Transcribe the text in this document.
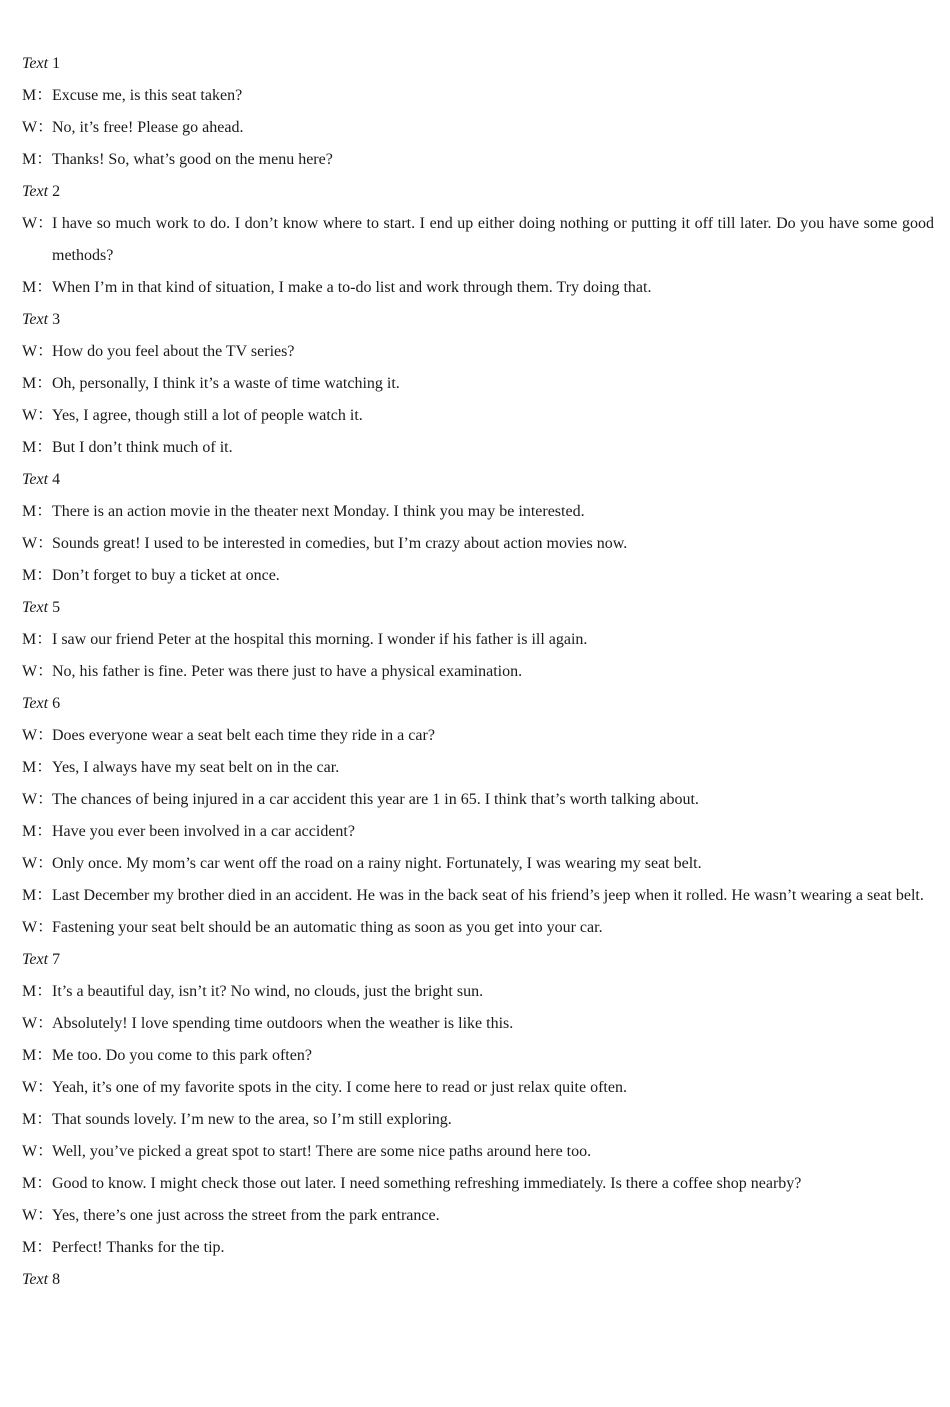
Text 1
M： Excuse me, is this seat taken?
W：
No, it’s free! Please go ahead.
M： Thanks! So, what’s good on the menu here?
Text 2
W：
I have so much work to do. I don’t know where to start. I end up either doing nothing or putting it off till later. Do you have some good methods?
M： When I’m in that kind of situation, I make a to-do list and work through them. Try doing that.
Text 3
W：
How do you feel about the TV series?
M： Oh, personally, I think it’s a waste of time watching it.
W：
Yes, I agree, though still a lot of people watch it.
M： But I don’t think much of it.
Text 4
M： There is an action movie in the theater next Monday. I think you may be interested.
W：
Sounds great! I used to be interested in comedies, but I’m crazy about action movies now.
M： Don’t forget to buy a ticket at once.
Text 5
M： I saw our friend Peter at the hospital this morning. I wonder if his father is ill again.
W：
No, his father is fine. Peter was there just to have a physical examination.
Text 6
W：
Does everyone wear a seat belt each time they ride in a car?
M： Yes, I always have my seat belt on in the car.
W：
The chances of being injured in a car accident this year are 1 in 65. I think that’s worth talking about.
M： Have you ever been involved in a car accident?
W：
Only once. My mom’s car went off the road on a rainy night. Fortunately, I was wearing my seat belt.
M： Last December my brother died in an accident. He was in the back seat of his friend’s jeep when it rolled. He wasn’t wearing a seat belt.
W：
Fastening your seat belt should be an automatic thing as soon as you get into your car.
Text 7
M： It’s a beautiful day, isn’t it? No wind, no clouds, just the bright sun.
W：
Absolutely! I love spending time outdoors when the weather is like this.
M： Me too. Do you come to this park often?
W：
Yeah, it’s one of my favorite spots in the city. I come here to read or just relax quite often.
M： That sounds lovely. I’m new to the area, so I’m still exploring.
W：
Well, you’ve picked a great spot to start! There are some nice paths around here too.
M： Good to know. I might check those out later. I need something refreshing immediately. Is there a coffee shop nearby?
W：
Yes, there’s one just across the street from the park entrance.
M： Perfect! Thanks for the tip.
Text 8
